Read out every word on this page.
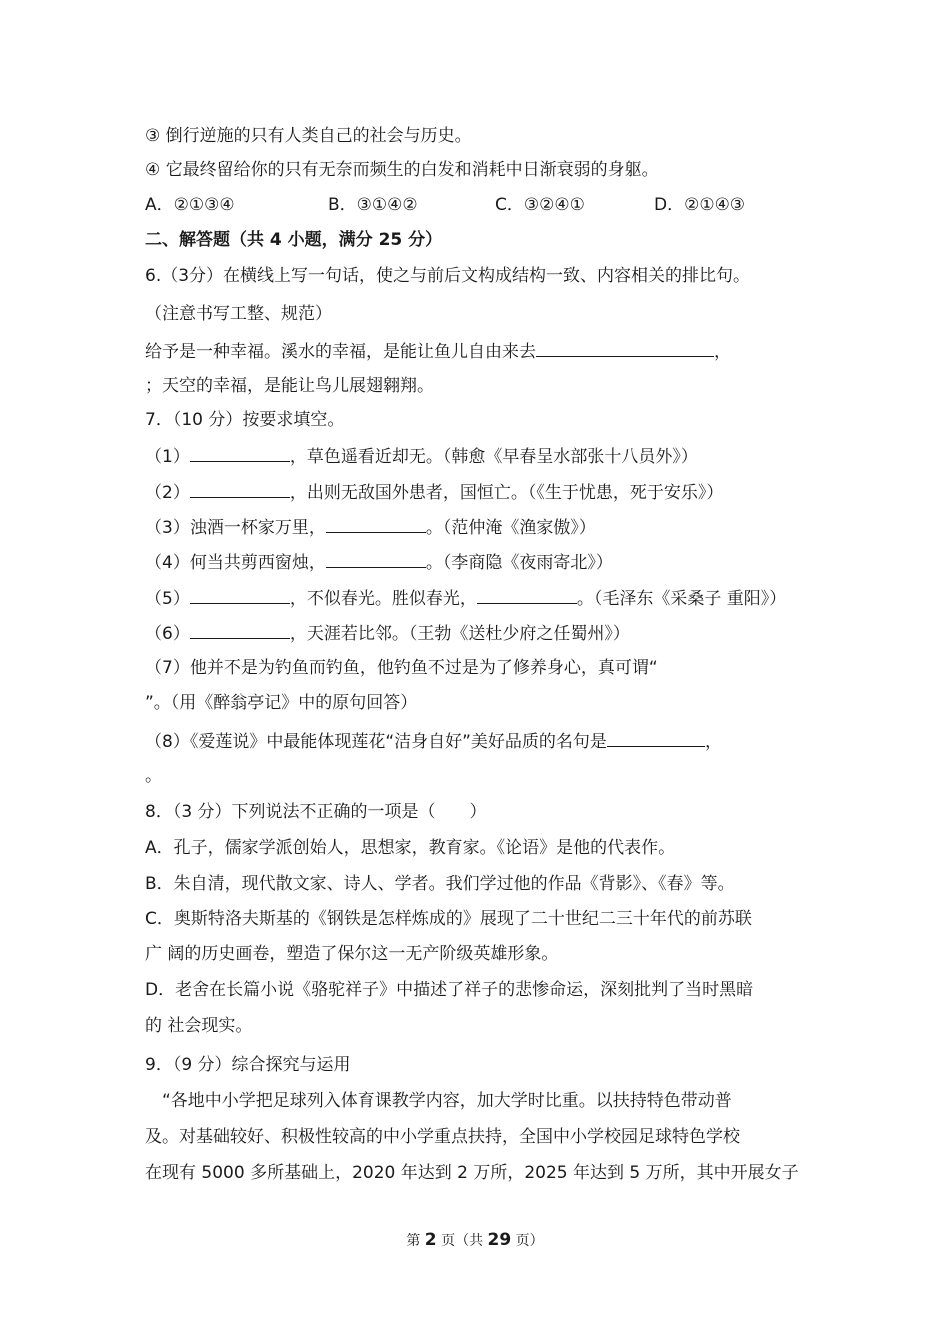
③ 倒行逆施的只有人类自己的社会与历史。
④ 它最终留给你的只有无奈而频生的白发和消耗中日渐衰弱的身躯。
A．②①③④	B．③①④②	C．③②④①	D．②①④③
二、解答题（共 4 小题，满分 25 分）
6.（3分）在横线上写一句话，使之与前后文构成结构一致、内容相关的排比句。
（注意书写工整、规范）
给予是一种幸福。溪水的幸福，是能让鱼儿自由来去	，
；天空的幸福，是能让鸟儿展翅翱翔。
7．（10 分）按要求填空。
（1）	，草色遥看近却无。（韩愈《早春呈水部张十八员外》）
（2）	，出则无敌国外患者，国恒亡。（《生于忧患，死于安乐》）
（3）浊酒一杯家万里，	。（范仲淹《渔家傲》）
（4）何当共剪西窗烛，	。（李商隐《夜雨寄北》）
（5）	，不似春光。胜似春光，	。（毛泽东《采桑子 重阳》）
（6）	，天涯若比邻。（王勃《送杜少府之任蜀州》）
（7）他并不是为钓鱼而钓鱼，他钓鱼不过是为了修养身心，真可谓“
”。（用《醉翁亭记》中的原句回答）
（8）《爱莲说》中最能体现莲花“洁身自好”美好品质的名句是	，
。
8．（3 分）下列说法不正确的一项是（　　）
A．孔子，儒家学派创始人，思想家，教育家。《论语》是他的代表作。
B．朱自清，现代散文家、诗人、学者。我们学过他的作品《背影》、《春》等。
C．奥斯特洛夫斯基的《钢铁是怎样炼成的》展现了二十世纪二三十年代的前苏联
广 阔的历史画卷，塑造了保尔这一无产阶级英雄形象。
D．老舍在长篇小说《骆驼祥子》中描述了祥子的悲惨命运，深刻批判了当时黑暗
的 社会现实。
9．（9 分）综合探究与运用
　“各地中小学把足球列入体育课教学内容，加大学时比重。以扶持特色带动普
及。对基础较好、积极性较高的中小学重点扶持，全国中小学校园足球特色学校
在现有 5000 多所基础上，2020 年达到 2 万所，2025 年达到 5 万所，其中开展女子
第 2 页（共 29 页）
